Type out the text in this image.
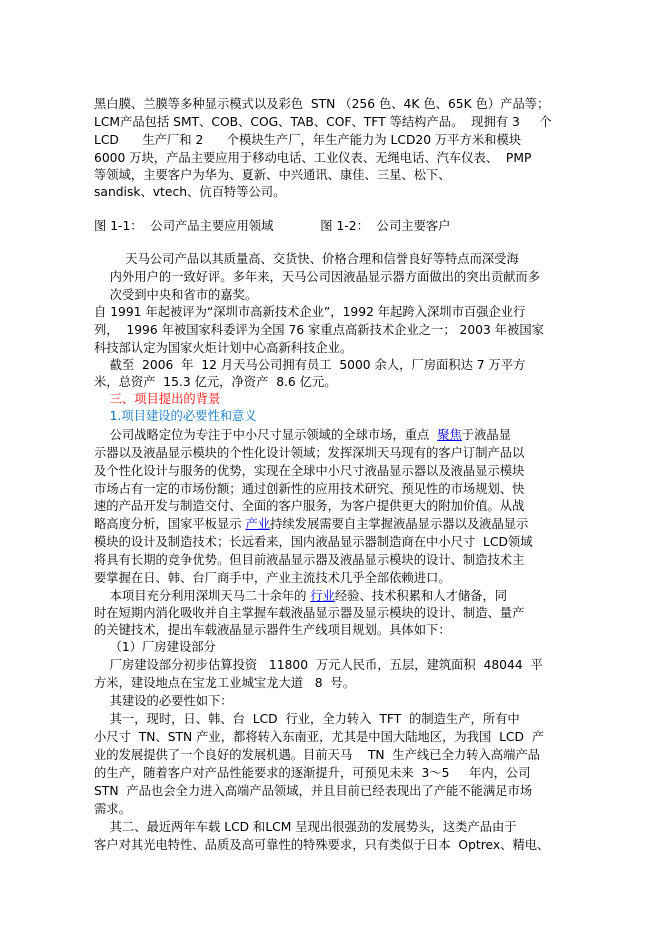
黑白膜、兰膜等多种显示模式以及彩色  STN （256 色、4K 色、65K 色）产品等；
LCM产品包括 SMT、COB、COG、TAB、COF、TFT 等结构产品。  现拥有 3     个
LCD      生产厂和 2      个模块生产厂，年生产能力为 LCD20 万平方米和模块
6000 万块，产品主要应用于移动电话、工业仪表、无绳电话、汽车仪表、  PMP
等领域，主要客户为华为、夏新、中兴通讯、康佳、三星、松下、
sandisk、vtech、伉百特等公司。
图 1-1：  公司产品主要应用领域            图 1-2：  公司主要客户
天马公司产品以其质量高、交货快、价格合理和信誉良好等特点而深受海
内外用户的一致好评。多年来，天马公司因液晶显示器方面做出的突出贡献而多
次受到中央和省市的嘉奖。
自 1991 年起被评为“深圳市高新技术企业”，1992 年起跨入深圳市百强企业行
列，  1996 年被国家科委评为全国 76 家重点高新技术企业之一； 2003 年被国家
科技部认定为国家火炬计划中心高新科技企业。
截至  2006  年  12 月天马公司拥有员工  5000 余人，厂房面积达 7 万平方
米，总资产  15.3 亿元，净资产  8.6 亿元。
三、项目提出的背景
1.项目建设的必要性和意义
公司战略定位为专注于中小尺寸显示领域的全球市场，重点  聚焦于液晶显
示器以及液晶显示模块的个性化设计领域；发挥深圳天马现有的客户订制产品以
及个性化设计与服务的优势，实现在全球中小尺寸液晶显示器以及液晶显示模块
市场占有一定的市场份额；通过创新性的应用技术研究、预见性的市场规划、快
速的产品开发与制造交付、全面的客户服务，为客户提供更大的附加价值。从战
略高度分析，国家平板显示 产业持续发展需要自主掌握液晶显示器以及液晶显示
模块的设计及制造技术；长远看来，国内液晶显示器制造商在中小尺寸  LCD领域
将具有长期的竞争优势。但目前液晶显示器及液晶显示模块的设计、制造技术主
要掌握在日、韩、台厂商手中，产业主流技术几乎全部依赖进口。
本项目充分利用深圳天马二十余年的 行业经验、技术积累和人才储备，同
时在短期内消化吸收并自主掌握车载液晶显示器及显示模块的设计、制造、量产
的关键技术，提出车载液晶显示器件生产线项目规划。具体如下：
（1）厂房建设部分
厂房建设部分初步估算投资   11800  万元人民币，五层，建筑面积  48044  平
方米，建设地点在宝龙工业城宝龙大道   8  号。
其建设的必要性如下：
其一，现时，日、韩、台  LCD  行业，全力转入  TFT  的制造生产，所有中
小尺寸  TN、STN 产业，都将转入东南亚，尤其是中国大陆地区，为我国  LCD  产
业的发展提供了一个良好的发展机遇。目前天马    TN  生产线已全力转入高端产品
的生产，随着客户对产品性能要求的逐渐提升，可预见未来  3～5     年内，公司
STN  产品也会全力进入高端产品领域，并且目前已经表现出了产能不能满足市场
需求。
其二、最近两年车载 LCD 和LCM 呈现出很强劲的发展势头，这类产品由于
客户对其光电特性、品质及高可靠性的特殊要求，只有类似于日本  Optrex、精电、
